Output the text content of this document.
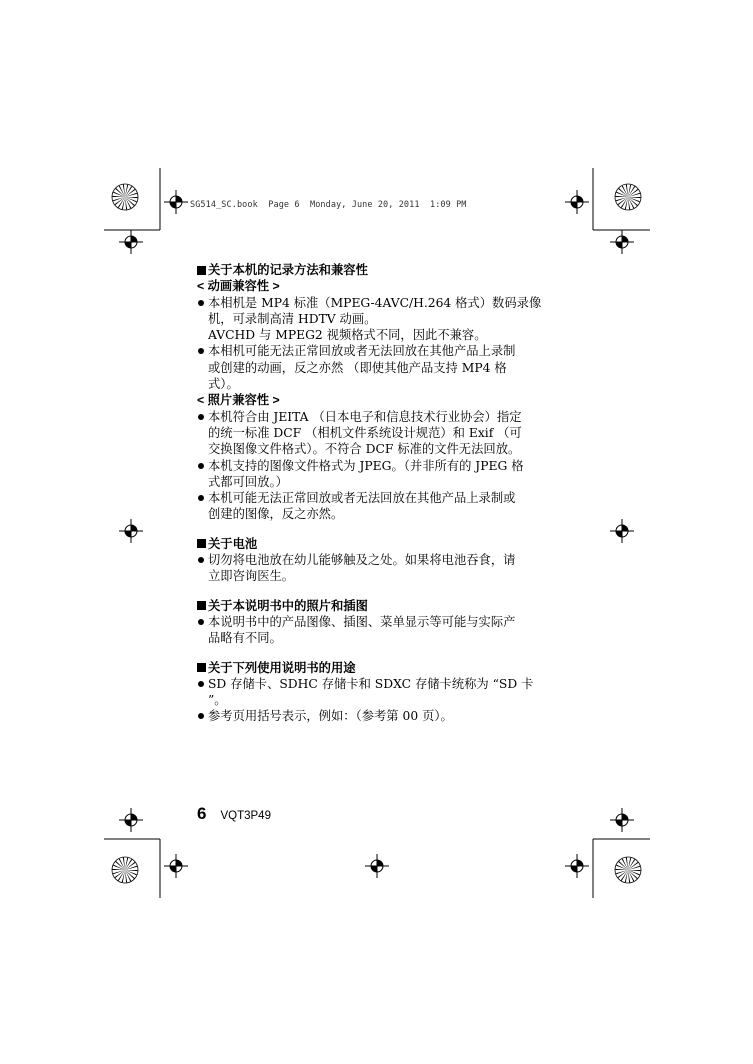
SG514_SC.book  Page 6  Monday, June 20, 2011  1:09 PM

关于本机的记录方法和兼容性

< 动画兼容性 >

本相机是 MP4 标准（MPEG-4AVC/H.264 格式）数码录像
机，可录制高清 HDTV 动画。

AVCHD 与 MPEG2 视频格式不同，因此不兼容。

本相机可能无法正常回放或者无法回放在其他产品上录制
或创建的动画，反之亦然 （即使其他产品支持 MP4 格
式）。

< 照片兼容性 >

本机符合由 JEITA （日本电子和信息技术行业协会）指定
的统一标准 DCF （相机文件系统设计规范）和 Exif （可
交换图像文件格式）。不符合 DCF 标准的文件无法回放。

本机支持的图像文件格式为 JPEG。（并非所有的 JPEG 格
式都可回放。）

本机可能无法正常回放或者无法回放在其他产品上录制或
创建的图像，反之亦然。

关于电池

切勿将电池放在幼儿能够触及之处。如果将电池吞食，请
立即咨询医生。

关于本说明书中的照片和插图

本说明书中的产品图像、插图、菜单显示等可能与实际产
品略有不同。

关于下列使用说明书的用途

SD 存储卡、SDHC 存储卡和 SDXC 存储卡统称为 “SD 卡 ”。

参考页用括号表示，例如：（参考第 00 页）。

6 VQT3P49
